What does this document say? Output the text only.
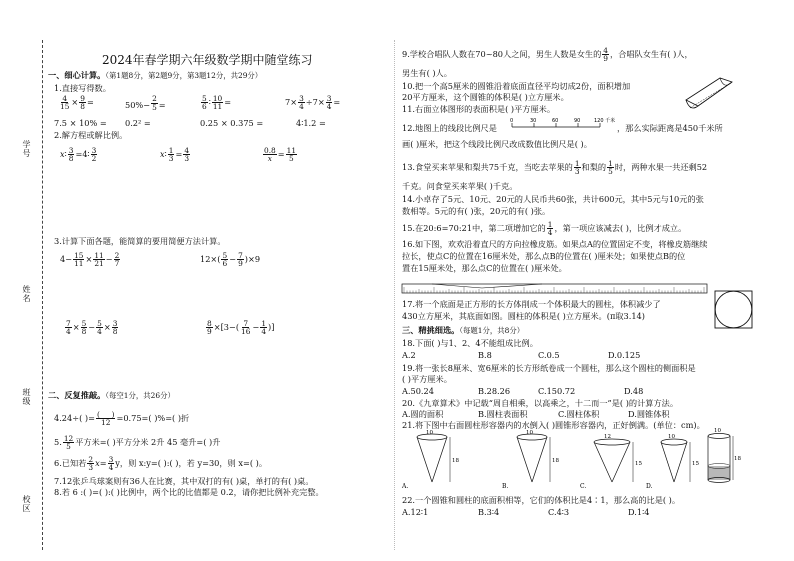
学号
姓名
班级
校区
2024年春学期六年级数学期中随堂练习
一、细心计算。（第1题8分，第2题9分，第3题12分，共29分）
1.直接写得数。
$\frac{4}{15} \times \frac{9}{8}$ =	$50\%- \frac{2}{5}$ =	$\frac{5}{6}$ ∶ $\frac{10}{11}$ =	$7\times \frac{3}{4} \div 7\times \frac{3}{4}$ =
7.5 × 10% = 0.2² =	0.25 × 0.375 =	4∶1.2 =
2.解方程或解比例。
x∶ $\frac{3}{8}$ =4∶ $\frac{3}{2}$	x∶ $\frac{1}{3} = \frac{4}{3}$	$\frac{0.8}{x} = \frac{11}{5}$
3.计算下面各题，能简算的要用简便方法计算。
$4- \frac{15}{11} \times \frac{11}{21} - \frac{2}{7}$	$12\times( \frac{5}{6} - \frac{7}{9} )\times 9$
$\frac{7}{4} \times \frac{5}{8} - \frac{5}{4} \times \frac{3}{8}$	$\frac{8}{9} \times[3-( \frac{7}{16} - \frac{1}{4}$ )]
二、反复推敲。（每空1分，共26分）
4.24÷( )= $\frac{( )}{12} =0.75=$( )%=( )折
5. $\frac{12}{5}$ 平方米=( )平方分米 2升 45 毫升=( )升
6.已知若 $\frac{2}{3} x= \frac{3}{4}$ y，则 x:y=( ):( )，若 y=30，则 x=( )。
7.12张乒乓球案则有36人在比赛，其中双打的有( )桌，单打的有( )桌。
8.若 6 :( )=( ):( )比例中，两个比的比值都是 0.2，请你把比例补充完整。
9.学校合唱队人数在70~80人之间，男生人数是女生的 $\frac{4}{9}$ ，合唱队女生有( )人，
男生有( )人。
10.把一个高5厘米的圆锥沿着底面直径平均切成2份，面积增加
20平方厘米，这个圆锥的体积是( )立方厘米。
11.右面立体图形的表面积是( )平方厘米。
12.地图上的线段比例尺是
0	30	60	90	120 千米
，那么实际距离是450千米所
画( )厘米，把这个线段比例尺改成数值比例尺是( )。
13.食堂买来苹果和梨共75千克，当吃去苹果的 $\frac{1}{3}$ 和梨的 $\frac{1}{5}$ 时，两种水果一共还剩52
千克。问食堂买来苹果( )千克。
14.小卓存了5元、10元、20元的人民币共60张，共计600元，其中5元与10元的张
数相等。5元的有( )张，20元的有( )张。
15.在20:6=70:21中，第二项增加它的 $\frac{1}{4}$ ，第一项应该减去( )，比例才成立。
16.如下图，欢欢沿着直尺的方向拉橡皮筋。如果点A的位置固定不变，将橡皮筋继续
拉长，使点C的位置在16厘米处，那么点B的位置在( )厘米处；如果使点B的位
置在15厘米处，那么点C的位置在( )厘米处。
17.将一个底面是正方形的长方体削成一个体积最大的圆柱，体积减少了
430立方厘米，其底面如图。圆柱的体积是( )立方厘米。(π取3.14)
三、精挑细选。（每题1分，共8分）
18.下面( )与1、2、4不能组成比例。
A.2	B.8	C.0.5	D.0.125
19.将一张长8厘米、宽6厘米的长方形纸卷成一个圆柱，那么这个圆柱的侧面积是
( )平方厘米。
A.50.24	B.28.26	C.150.72	D.48
20.《九章算术》中记载“周自相乘，以高乘之，十二而一”是( )的计算方法。
A.圆的面积	B.圆柱表面积	C.圆柱体积	D.圆锥体积
21.将下图中右面圆柱形容器内的水倒入( )圆锥形容器内，正好倒满。(单位：cm)。
10
18
A.
10
18
B.
12
15
C.
10
15
D.
10
18
22.一个圆锥和圆柱的底面积相等，它们的体积比是4∶1，那么高的比是( )。
A.12∶1	B.3∶4	C.4∶3	D.1∶4
